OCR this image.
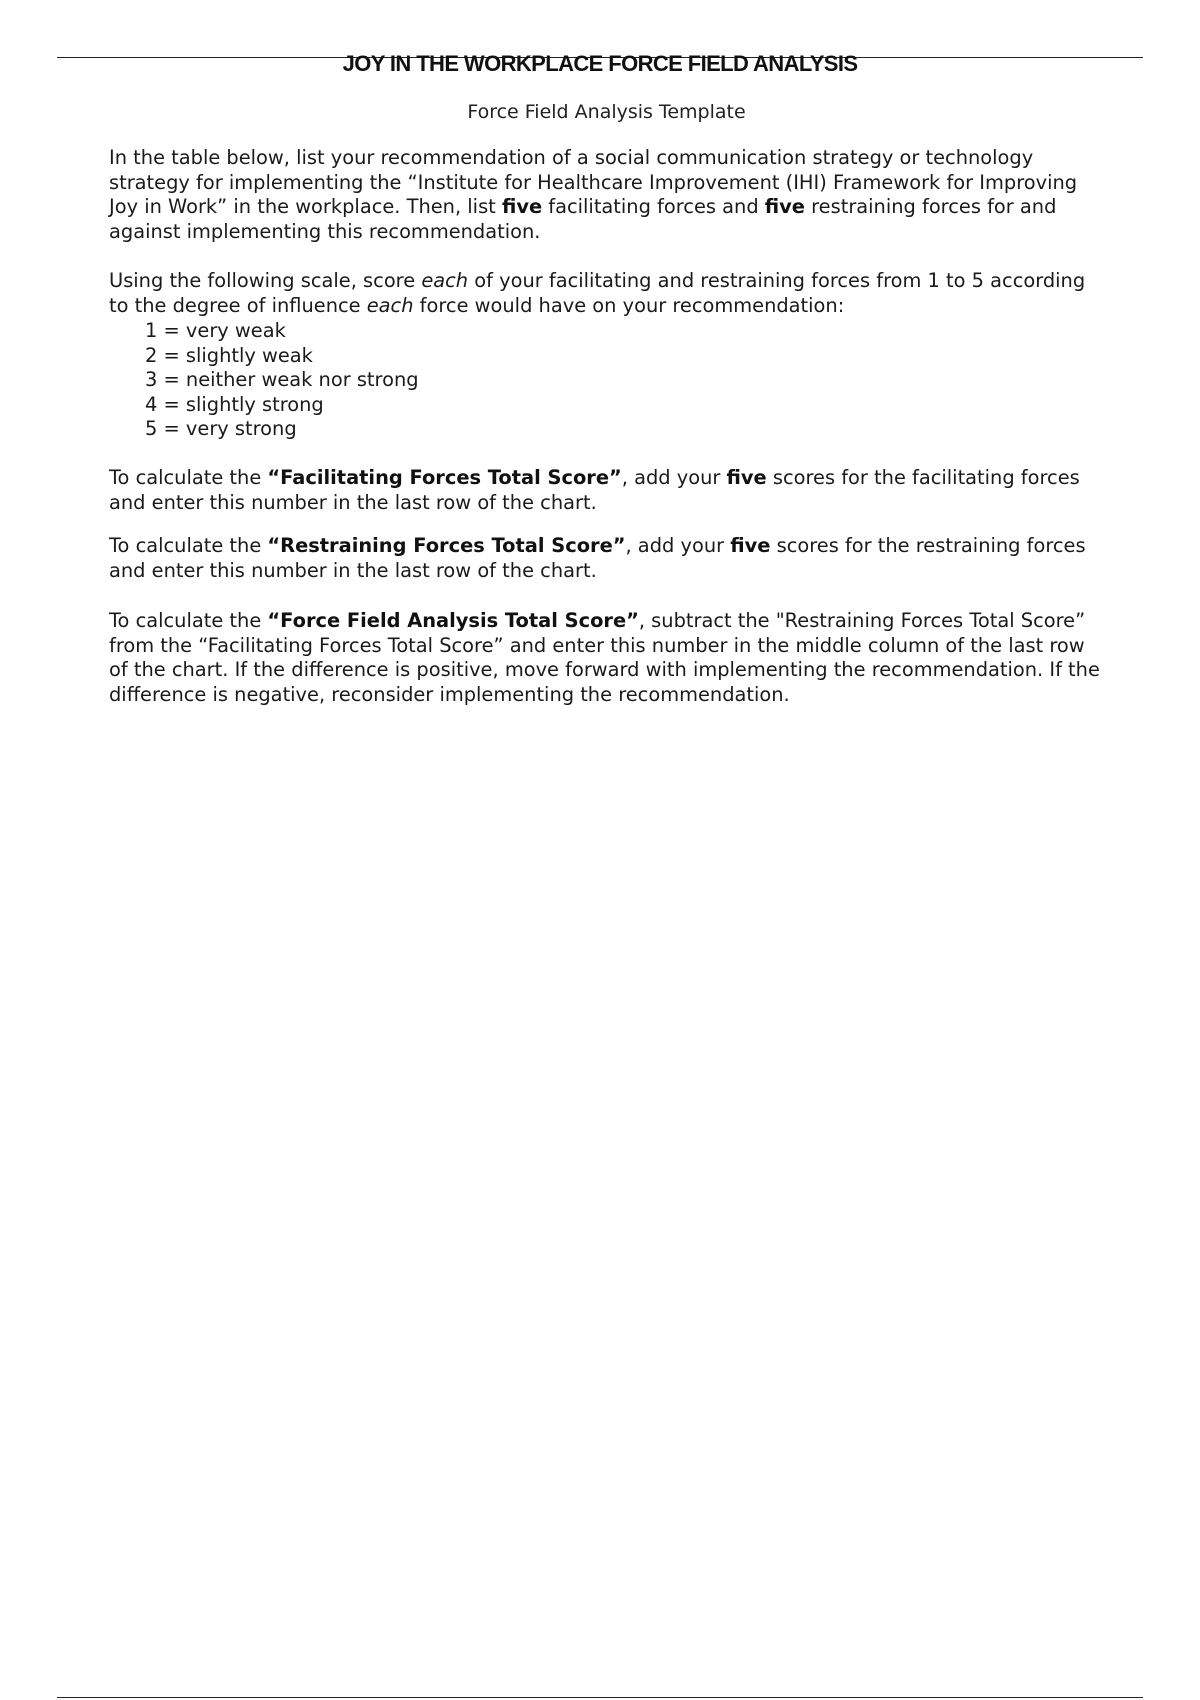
JOY IN THE WORKPLACE FORCE FIELD ANALYSIS
Force Field Analysis Template

In the table below, list your recommendation of a social communication strategy or technology strategy for implementing the “Institute for Healthcare Improvement (IHI) Framework for Improving Joy in Work” in the workplace. Then, list five facilitating forces and five restraining forces for and against implementing this recommendation.

Using the following scale, score each of your facilitating and restraining forces from 1 to 5 according to the degree of influence each force would have on your recommendation:

1 = very weak
2 = slightly weak
3 = neither weak nor strong
4 = slightly strong
5 = very strong

To calculate the “Facilitating Forces Total Score”, add your five scores for the facilitating forces and enter this number in the last row of the chart.

To calculate the “Restraining Forces Total Score”, add your five scores for the restraining forces and enter this number in the last row of the chart.

To calculate the “Force Field Analysis Total Score”, subtract the "Restraining Forces Total Score” from the “Facilitating Forces Total Score” and enter this number in the middle column of the last row of the chart. If the difference is positive, move forward with implementing the recommendation. If the difference is negative, reconsider implementing the recommendation.
